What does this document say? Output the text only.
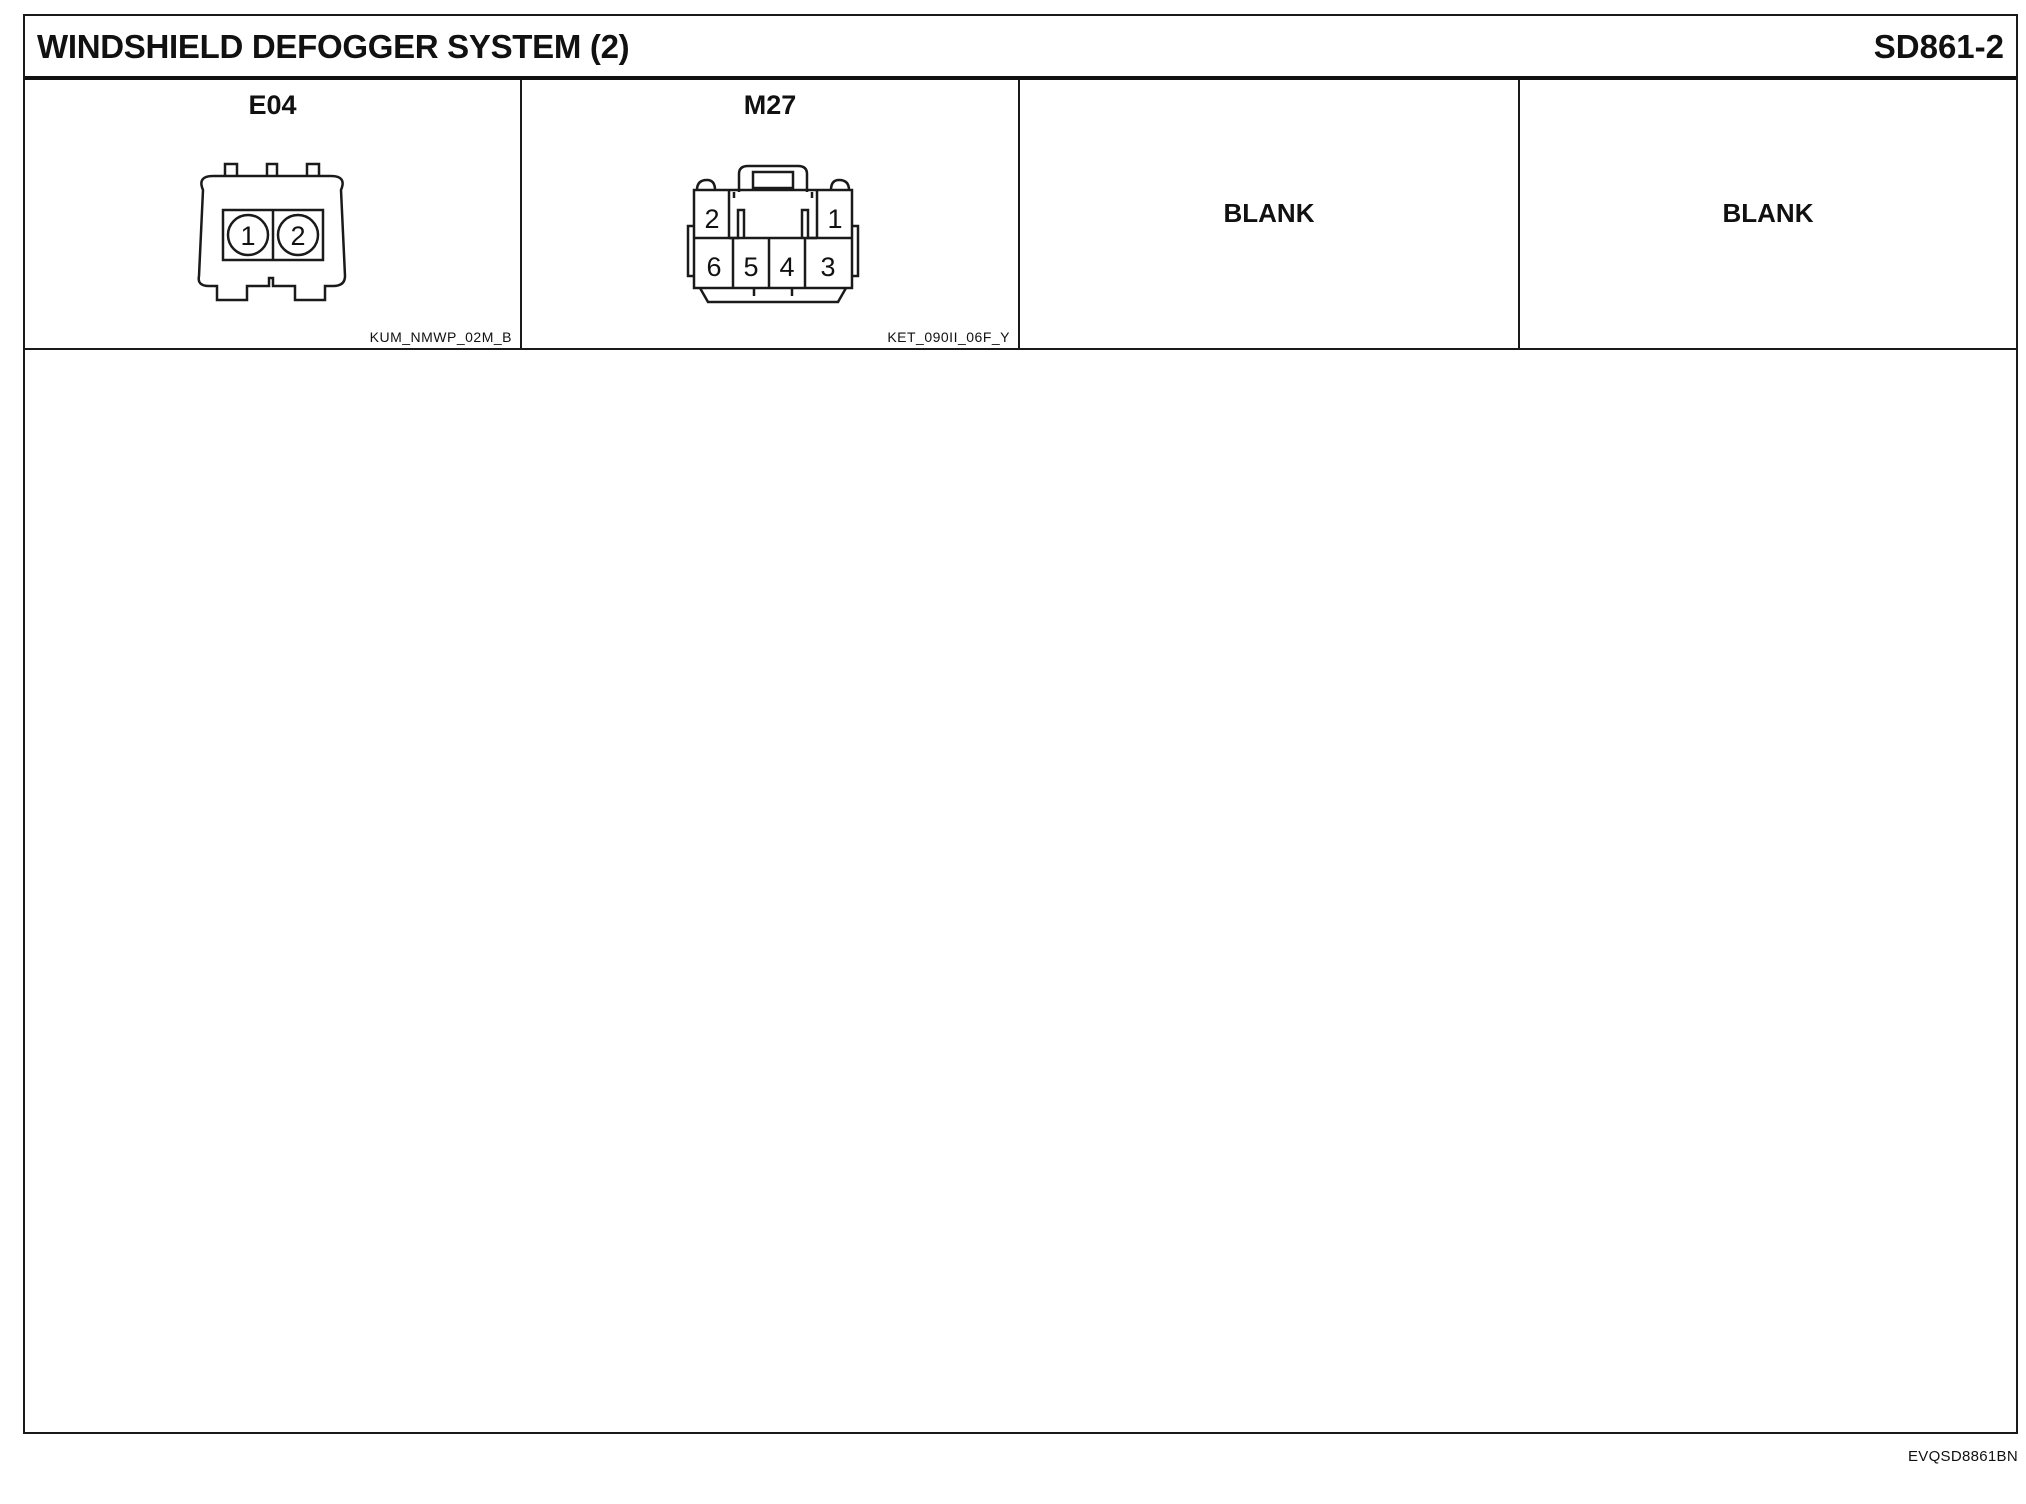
WINDSHIELD DEFOGGER SYSTEM (2)	SD861-2
E04
1 2
KUM_NMWP_02M_B
M27
2	1
6 5 4 3
KET_090II_06F_Y
BLANK	BLANK
EVQSD8861BN
